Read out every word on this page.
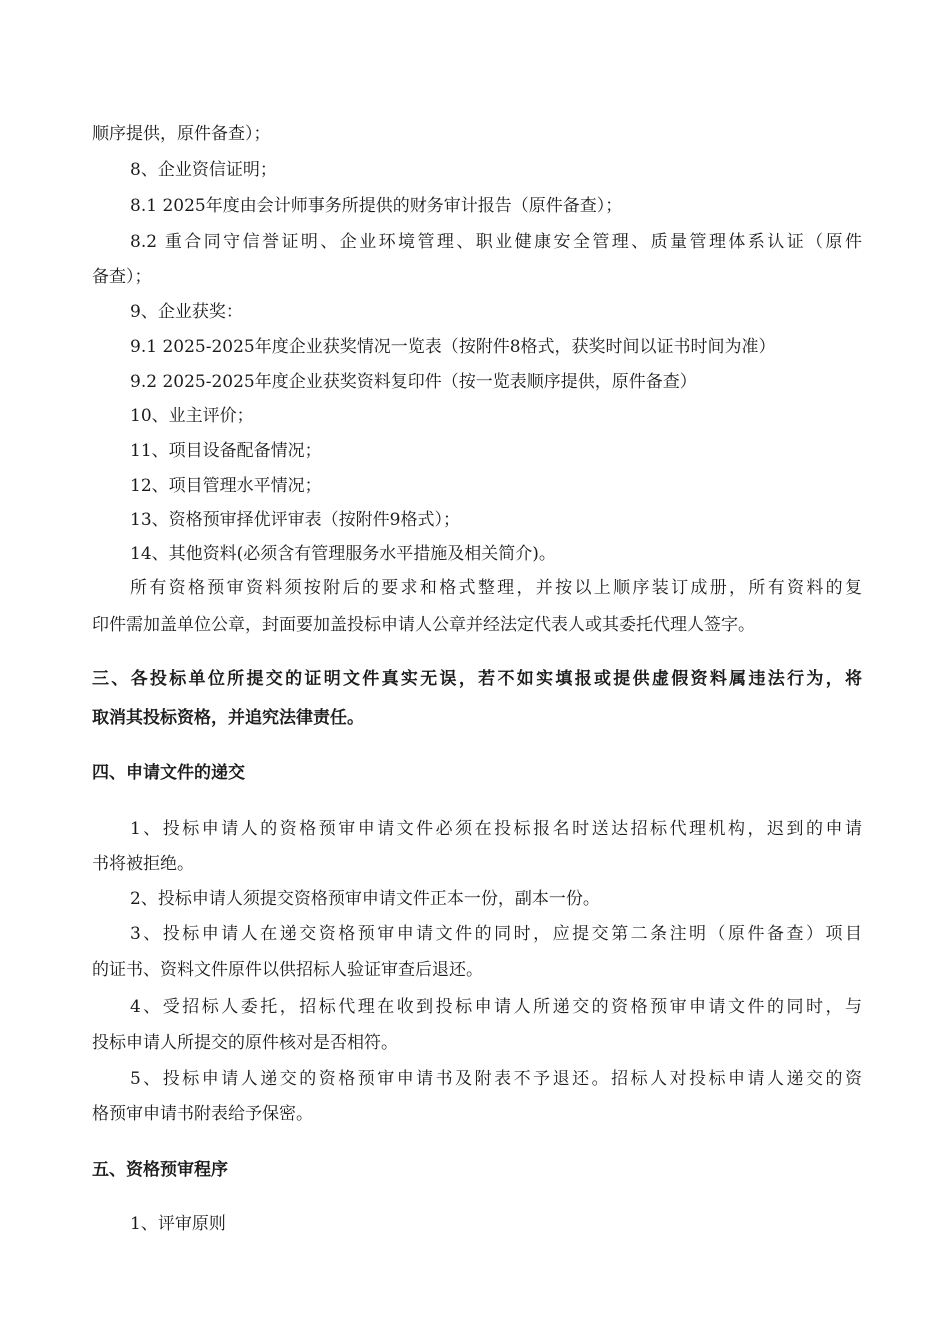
顺序提供，原件备查）；
8、企业资信证明；
8.1 2025年度由会计师事务所提供的财务审计报告（原件备查）；
8.2 重合同守信誉证明、企业环境管理、职业健康安全管理、质量管理体系认证（原件
备查）；
9、企业获奖：
9.1 2025-2025年度企业获奖情况一览表（按附件8格式，获奖时间以证书时间为准）
9.2 2025-2025年度企业获奖资料复印件（按一览表顺序提供，原件备查）
10、业主评价；
11、项目设备配备情况；
12、项目管理水平情况；
13、资格预审择优评审表（按附件9格式）；
14、其他资料(必须含有管理服务水平措施及相关简介)。
所有资格预审资料须按附后的要求和格式整理，并按以上顺序装订成册，所有资料的复
印件需加盖单位公章，封面要加盖投标申请人公章并经法定代表人或其委托代理人签字。
三、各投标单位所提交的证明文件真实无误，若不如实填报或提供虚假资料属违法行为，将
取消其投标资格，并追究法律责任。
四、申请文件的递交
1、投标申请人的资格预审申请文件必须在投标报名时送达招标代理机构，迟到的申请
书将被拒绝。
2、投标申请人须提交资格预审申请文件正本一份，副本一份。
3、投标申请人在递交资格预审申请文件的同时，应提交第二条注明（原件备查）项目
的证书、资料文件原件以供招标人验证审查后退还。
4、受招标人委托，招标代理在收到投标申请人所递交的资格预审申请文件的同时，与
投标申请人所提交的原件核对是否相符。
5、投标申请人递交的资格预审申请书及附表不予退还。招标人对投标申请人递交的资
格预审申请书附表给予保密。
五、资格预审程序
1、评审原则
